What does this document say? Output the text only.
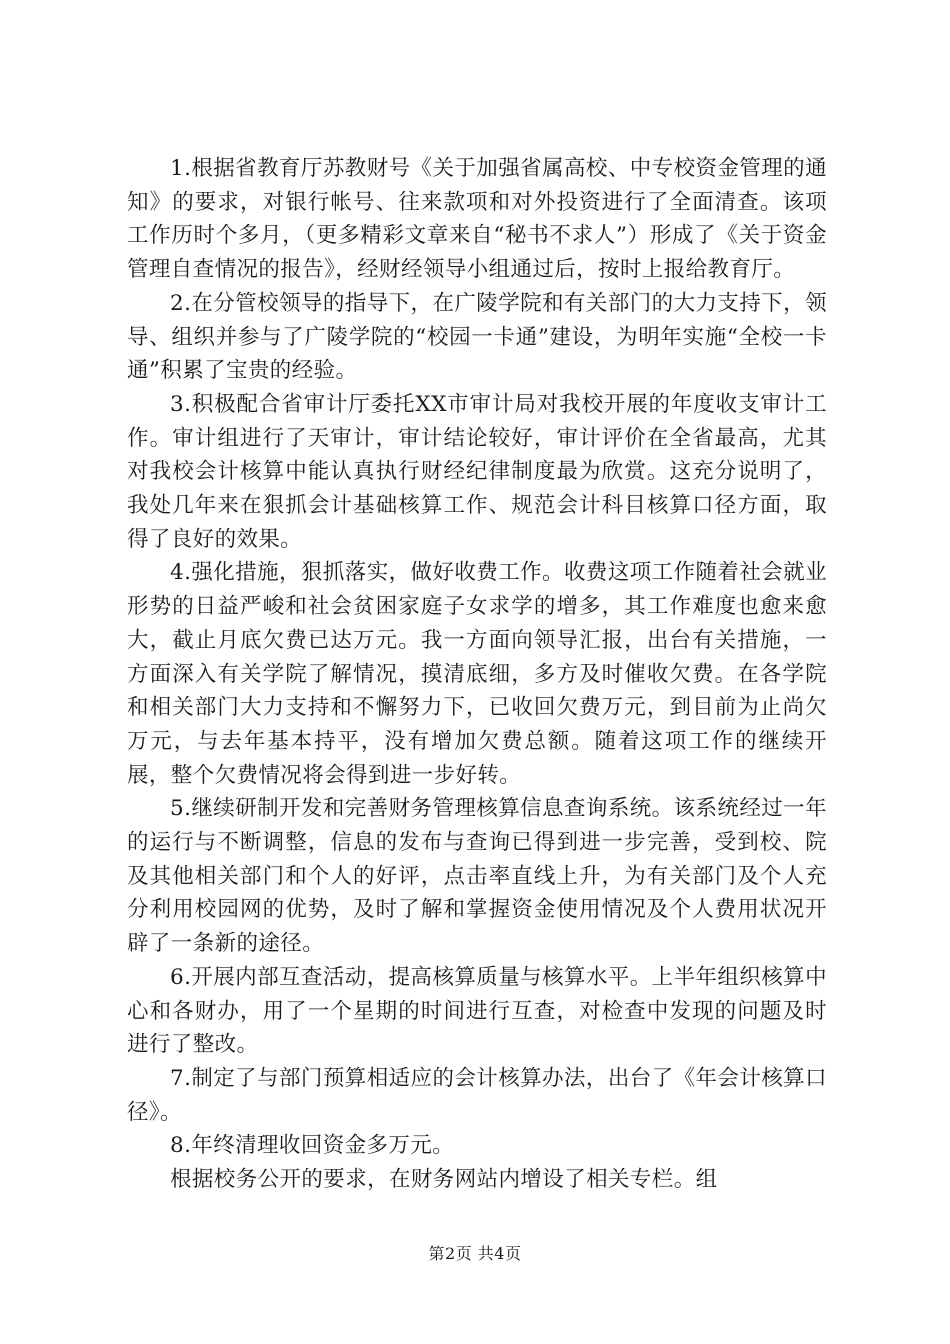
1.根据省教育厅苏教财号《关于加强省属高校、中专校资金管理的通知》的要求，对银行帐号、往来款项和对外投资进行了全面清查。该项工作历时个多月，（更多精彩文章来自“秘书不求人”）形成了《关于资金管理自查情况的报告》，经财经领导小组通过后，按时上报给教育厅。

2.在分管校领导的指导下，在广陵学院和有关部门的大力支持下，领导、组织并参与了广陵学院的“校园一卡通”建设，为明年实施“全校一卡通”积累了宝贵的经验。

3.积极配合省审计厅委托XX市审计局对我校开展的年度收支审计工作。审计组进行了天审计，审计结论较好，审计评价在全省最高，尤其对我校会计核算中能认真执行财经纪律制度最为欣赏。这充分说明了，我处几年来在狠抓会计基础核算工作、规范会计科目核算口径方面，取得了良好的效果。

4.强化措施，狠抓落实，做好收费工作。收费这项工作随着社会就业形势的日益严峻和社会贫困家庭子女求学的增多，其工作难度也愈来愈大，截止月底欠费已达万元。我一方面向领导汇报，出台有关措施，一方面深入有关学院了解情况，摸清底细，多方及时催收欠费。在各学院和相关部门大力支持和不懈努力下，已收回欠费万元，到目前为止尚欠万元，与去年基本持平，没有增加欠费总额。随着这项工作的继续开展，整个欠费情况将会得到进一步好转。

5.继续研制开发和完善财务管理核算信息查询系统。该系统经过一年的运行与不断调整，信息的发布与查询已得到进一步完善，受到校、院及其他相关部门和个人的好评，点击率直线上升，为有关部门及个人充分利用校园网的优势，及时了解和掌握资金使用情况及个人费用状况开辟了一条新的途径。

6.开展内部互查活动，提高核算质量与核算水平。上半年组织核算中心和各财办，用了一个星期的时间进行互查，对检查中发现的问题及时进行了整改。

7.制定了与部门预算相适应的会计核算办法，出台了《年会计核算口径》。

8.年终清理收回资金多万元。

根据校务公开的要求，在财务网站内增设了相关专栏。组

第2页 共4页
